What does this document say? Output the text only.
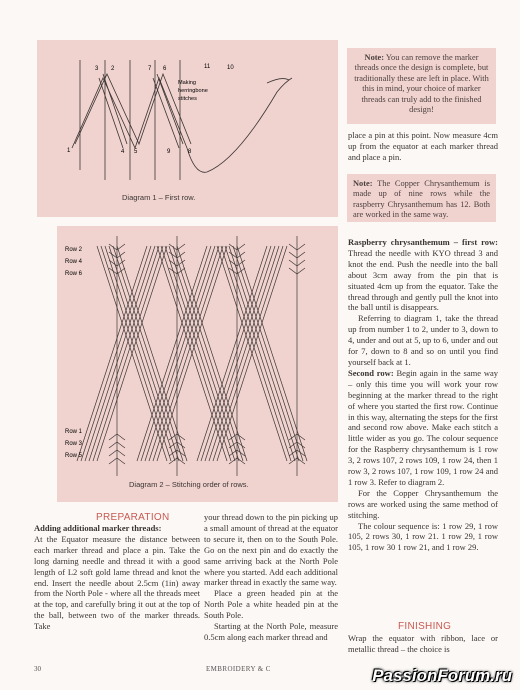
1
2
3
4 5
6
7
8
9
10
11
Making
herringbone
stitches
Diagram 1 – First row.
Row 2
Row 4
Row 6
Row 1
Row 3
Row 5
Diagram 2 – Stitching order of rows.
Note: You can remove the marker threads once the design is complete, but traditionally these are left in place. With this in mind, your choice of marker threads can truly add to the finished design!
Note: The Copper Chrysanthemum is made up of nine rows while the raspberry Chrysanthemum has 12. Both are worked in the same way.
PREPARATION

Adding additional marker threads:

At the Equator measure the distance between each marker thread and place a pin. Take the long darning needle and thread it with a good length of L2 soft gold lame thread and knot the end. Insert the needle about 2.5cm (1in) away from the North Pole - where all the threads meet at the top, and carefully bring it out at the top of the ball, between two of the marker threads. Take

your thread down to the pin picking up a small amount of thread at the equator to secure it, then on to the South Pole. Go on the next pin and do exactly the same arriving back at the North Pole where you started. Add each additional marker thread in exactly the same way.

Place a green headed pin at the North Pole a white headed pin at the South Pole.

Starting at the North Pole, measure 0.5cm along each marker thread and

place a pin at this point. Now measure 4cm up from the equator at each marker thread and place a pin.

Raspberry chrysanthemum – first row: Thread the needle with KYO thread 3 and knot the end. Push the needle into the ball about 3cm away from the pin that is situated 4cm up from the equator. Take the thread through and gently pull the knot into the ball until is disappears.

Referring to diagram 1, take the thread up from number 1 to 2, under to 3, down to 4, under and out at 5, up to 6, under and out for 7, down to 8 and so on until you find yourself back at 1.

Second row: Begin again in the same way – only this time you will work your row beginning at the marker thread to the right of where you started the first row. Continue in this way, alternating the steps for the first and second row above. Make each stitch a little wider as you go. The colour sequence for the Raspberry chrysanthemum is 1 row 3, 2 rows 107, 2 rows 109, 1 row 24, then 1 row 3, 2 rows 107, 1 row 109, 1 row 24 and 1 row 3. Refer to diagram 2.

For the Copper Chrysanthemum the rows are worked using the same method of stitching.

The colour sequence is: 1 row 29, 1 row 105, 2 rows 30, 1 row 21. 1 row 29, 1 row 105, 1 row 30 1 row 21, and 1 row 29.

FINISHING

Wrap the equator with ribbon, lace or metallic thread – the choice is

30	EMBROIDERY & C	PassionForum.ru
